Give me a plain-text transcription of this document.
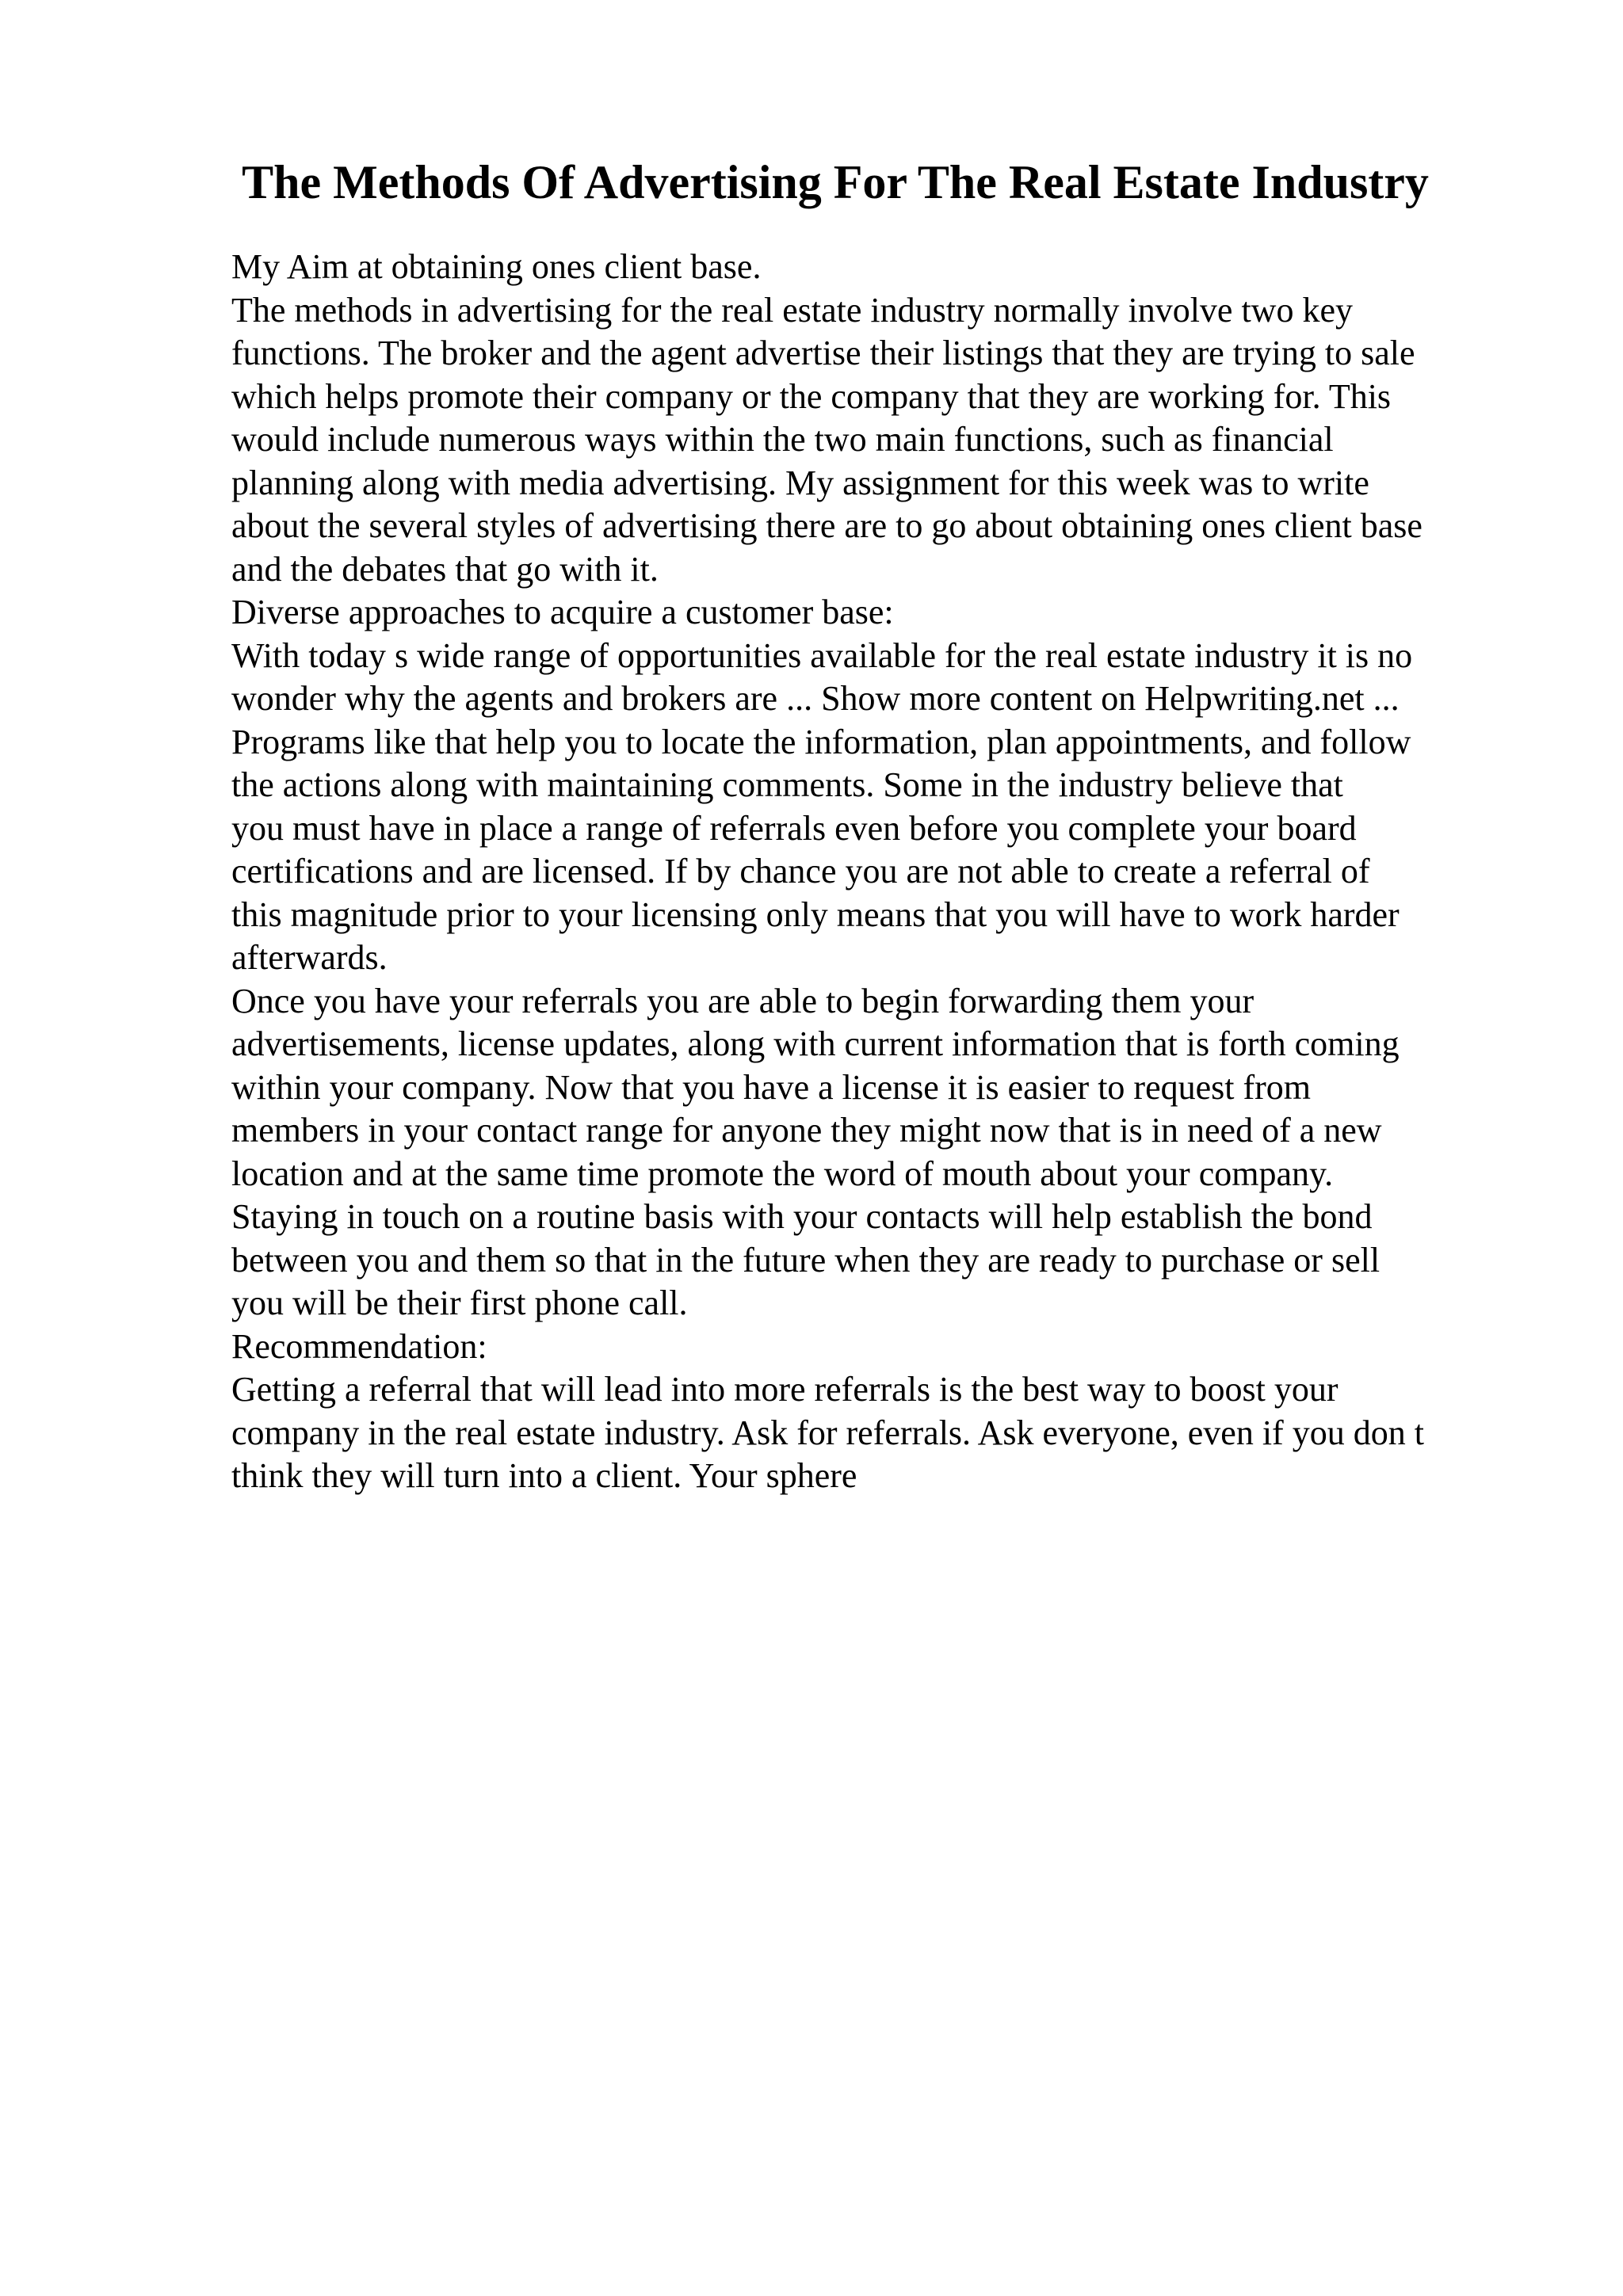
The Methods Of Advertising For The Real Estate Industry
My Aim at obtaining ones client base.
The methods in advertising for the real estate industry normally involve two key
functions. The broker and the agent advertise their listings that they are trying to sale
which helps promote their company or the company that they are working for. This
would include numerous ways within the two main functions, such as financial
planning along with media advertising. My assignment for this week was to write
about the several styles of advertising there are to go about obtaining ones client base
and the debates that go with it.
Diverse approaches to acquire a customer base:
With today s wide range of opportunities available for the real estate industry it is no
wonder why the agents and brokers are ... Show more content on Helpwriting.net ...
Programs like that help you to locate the information, plan appointments, and follow
the actions along with maintaining comments. Some in the industry believe that
you must have in place a range of referrals even before you complete your board
certifications and are licensed. If by chance you are not able to create a referral of
this magnitude prior to your licensing only means that you will have to work harder
afterwards.
Once you have your referrals you are able to begin forwarding them your
advertisements, license updates, along with current information that is forth coming
within your company. Now that you have a license it is easier to request from
members in your contact range for anyone they might now that is in need of a new
location and at the same time promote the word of mouth about your company.
Staying in touch on a routine basis with your contacts will help establish the bond
between you and them so that in the future when they are ready to purchase or sell
you will be their first phone call.
Recommendation:
Getting a referral that will lead into more referrals is the best way to boost your
company in the real estate industry. Ask for referrals. Ask everyone, even if you don t
think they will turn into a client. Your sphere
